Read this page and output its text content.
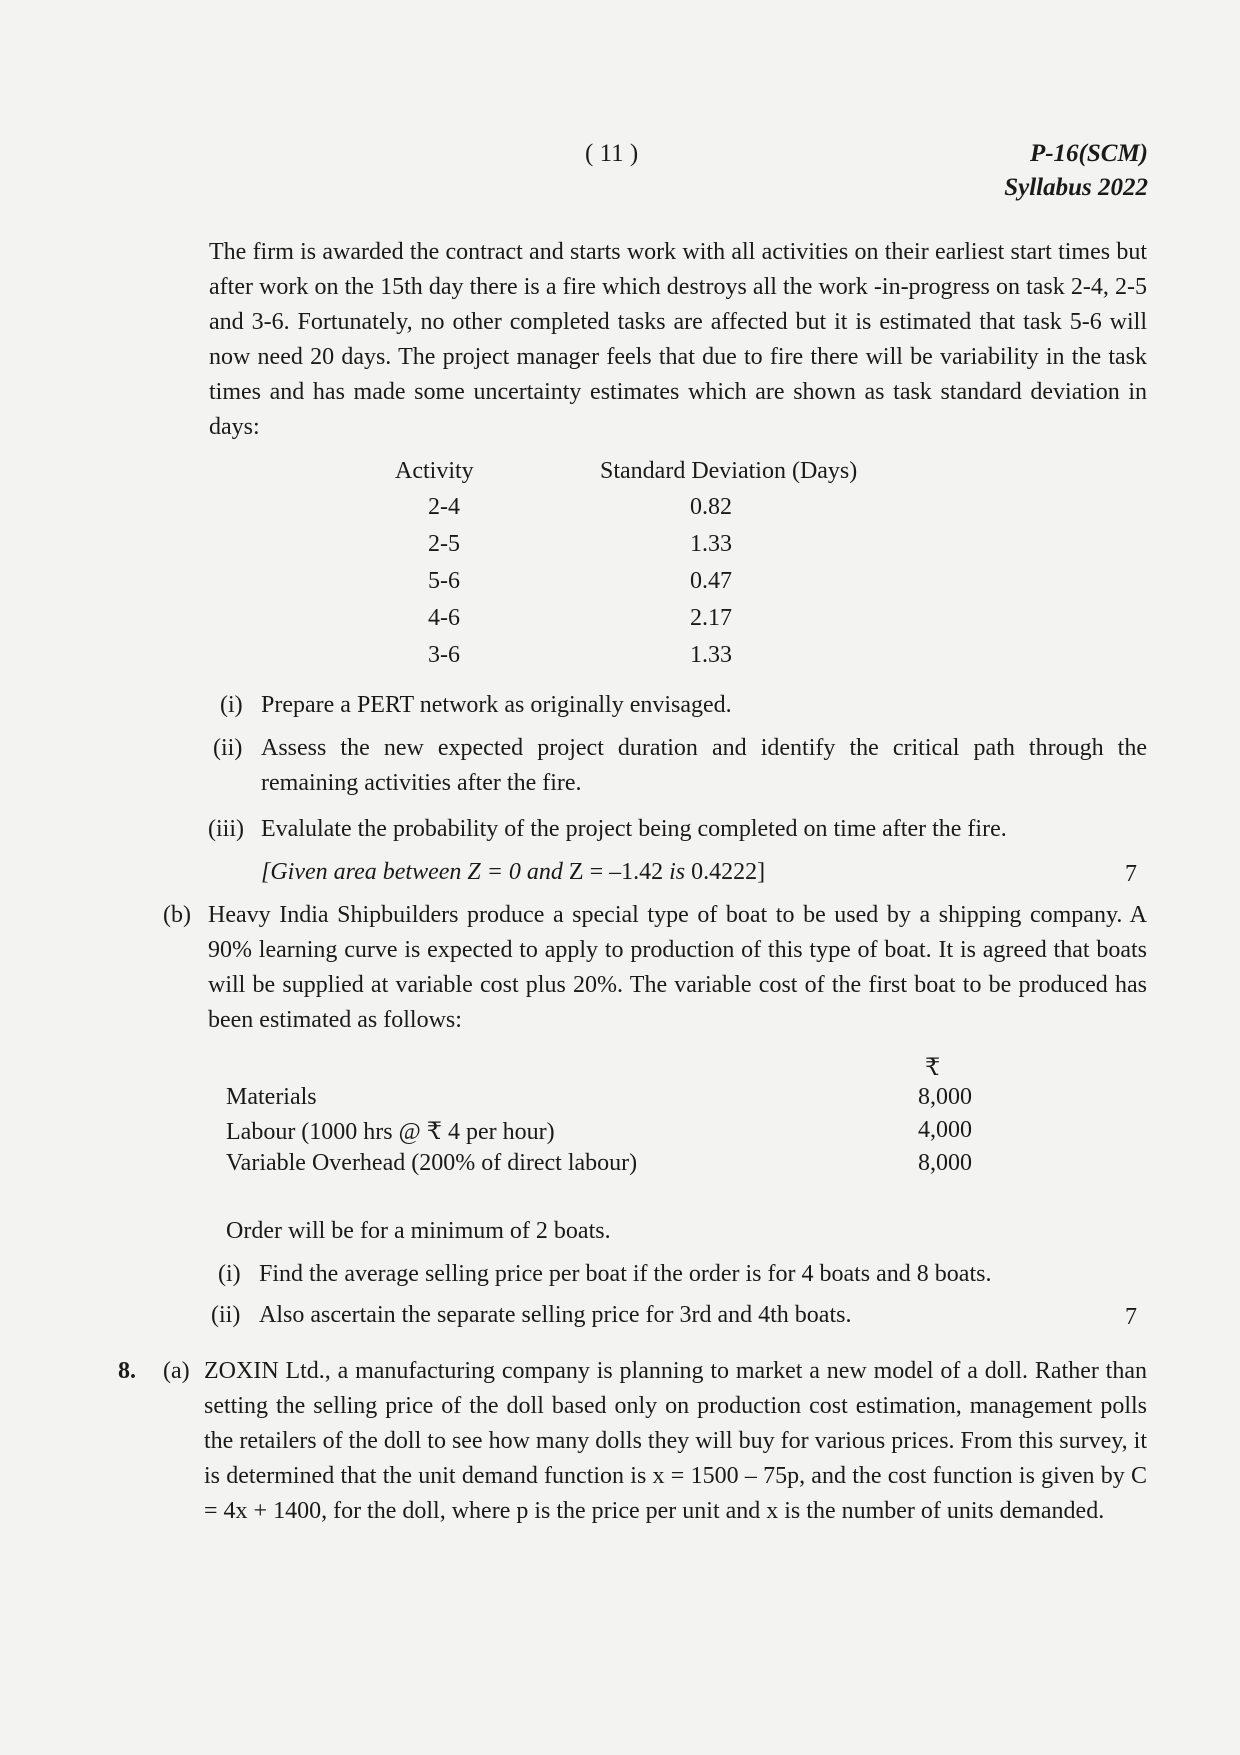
( 11 )	P-16(SCM)
Syllabus 2022
The firm is awarded the contract and starts work with all activities on their earliest start times but after work on the 15th day there is a fire which destroys all the work -in-progress on task 2-4, 2-5 and 3-6. Fortunately, no other completed tasks are affected but it is estimated that task 5-6 will now need 20 days. The project manager feels that due to fire there will be variability in the task times and has made some uncertainty estimates which are shown as task standard deviation in days:
Activity	Standard Deviation (Days)
2-4	0.82
2-5	1.33
5-6	0.47
4-6	2.17
3-6	1.33
(i) Prepare a PERT network as originally envisaged.
(ii) Assess the new expected project duration and identify the critical path through the remaining activities after the fire.
(iii) Evalulate the probability of the project being completed on time after the fire.
[Given area between Z = 0 and Z = –1.42 is 0.4222]	7
(b) Heavy India Shipbuilders produce a special type of boat to be used by a shipping company. A 90% learning curve is expected to apply to production of this type of boat. It is agreed that boats will be supplied at variable cost plus 20%. The variable cost of the first boat to be produced has been estimated as follows:
₹
Materials	8,000
Labour (1000 hrs @ ₹ 4 per hour)	4,000
Variable Overhead (200% of direct labour)	8,000
Order will be for a minimum of 2 boats.
(i) Find the average selling price per boat if the order is for 4 boats and 8 boats.
(ii) Also ascertain the separate selling price for 3rd and 4th boats.	7
8. (a) ZOXIN Ltd., a manufacturing company is planning to market a new model of a doll. Rather than setting the selling price of the doll based only on production cost estimation, management polls the retailers of the doll to see how many dolls they will buy for various prices. From this survey, it is determined that the unit demand function is x = 1500 – 75p, and the cost function is given by C = 4x + 1400, for the doll, where p is the price per unit and x is the number of units demanded.
